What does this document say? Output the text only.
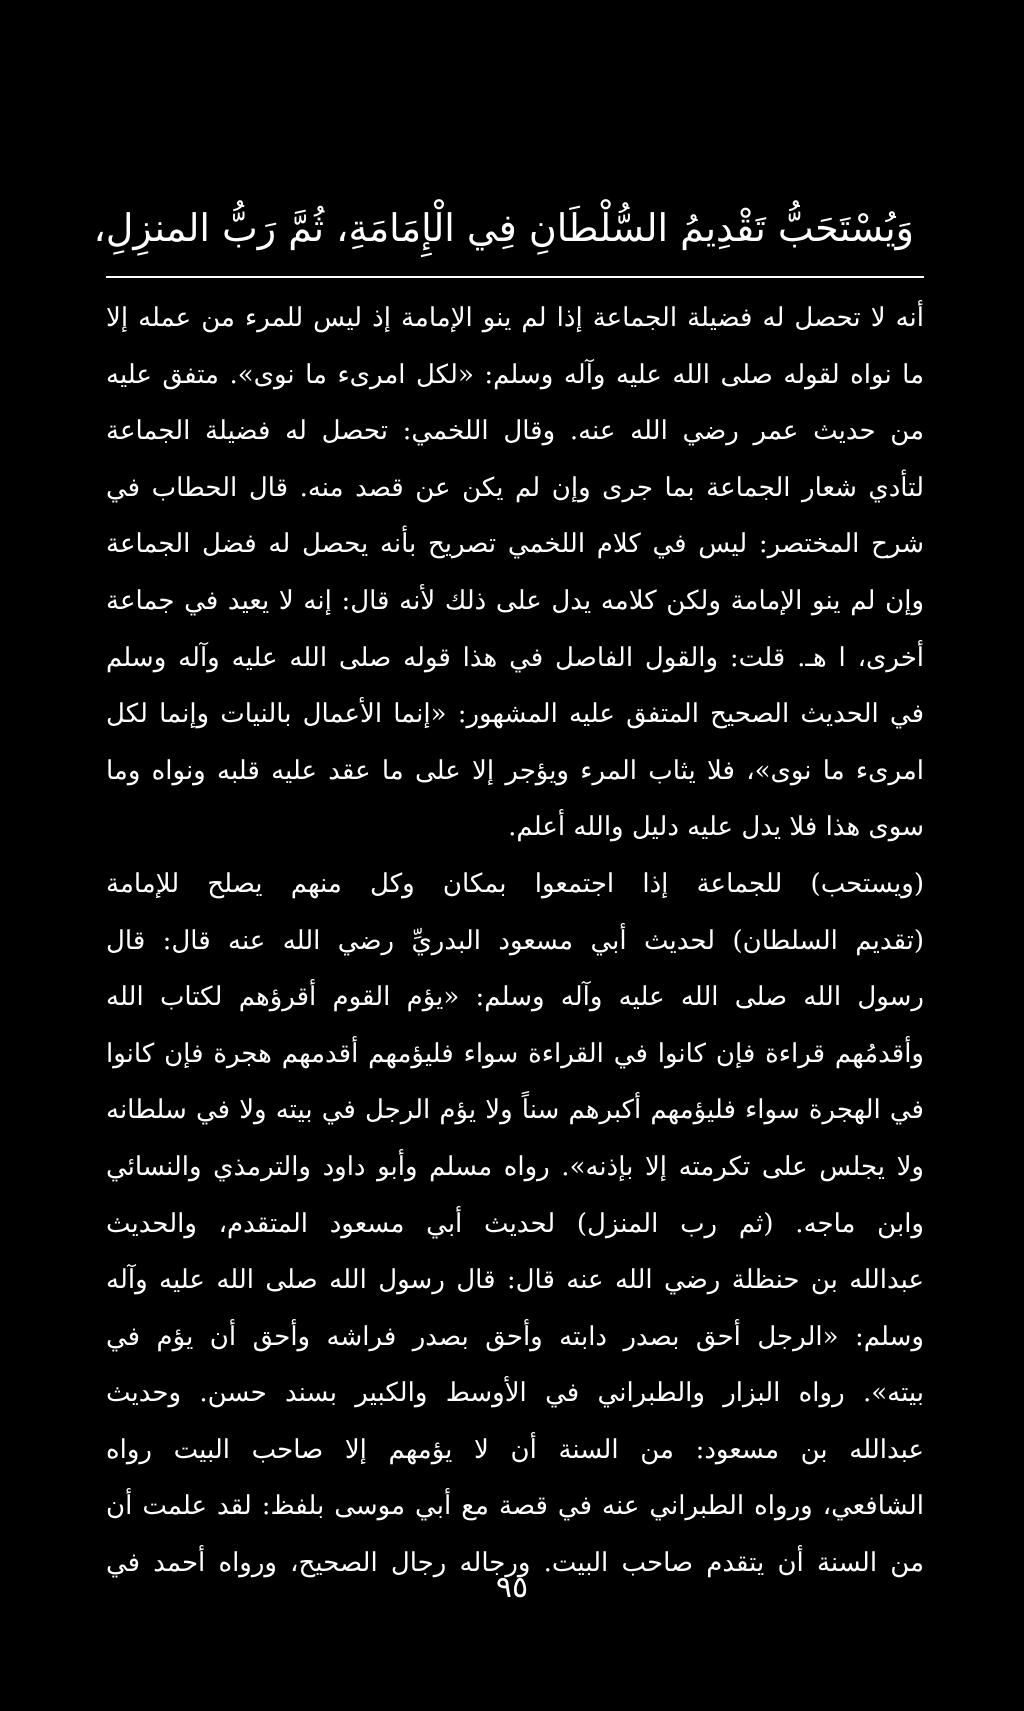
وَيُسْتَحَبُّ تَقْدِيمُ السُّلْطَانِ فِي الْإِمَامَةِ، ثُمَّ رَبُّ المنزِلِ،
أنه لا تحصل له فضيلة الجماعة إذا لم ينو الإمامة إذ ليس للمرء من عمله إلا
ما نواه لقوله صلى الله عليه وآله وسلم: «لكل امرىء ما نوى». متفق عليه
من حديث عمر رضي الله عنه. وقال اللخمي: تحصل له فضيلة الجماعة
لتأدي شعار الجماعة بما جرى وإن لم يكن عن قصد منه. قال الحطاب في
شرح المختصر: ليس في كلام اللخمي تصريح بأنه يحصل له فضل الجماعة
وإن لم ينو الإمامة ولكن كلامه يدل على ذلك لأنه قال: إنه لا يعيد في جماعة
أخرى، ا هـ. قلت: والقول الفاصل في هذا قوله صلى الله عليه وآله وسلم
في الحديث الصحيح المتفق عليه المشهور: «إنما الأعمال بالنيات وإنما لكل
امرىء ما نوى»، فلا يثاب المرء ويؤجر إلا على ما عقد عليه قلبه ونواه وما
سوى هذا فلا يدل عليه دليل والله أعلم.
(ويستحب) للجماعة إذا اجتمعوا بمكان وكل منهم يصلح للإمامة
(تقديم السلطان) لحديث أبي مسعود البدريِّ رضي الله عنه قال: قال
رسول الله صلى الله عليه وآله وسلم: «يؤم القوم أقرؤهم لكتاب الله
وأقدمُهم قراءة فإن كانوا في القراءة سواء فليؤمهم أقدمهم هجرة فإن كانوا
في الهجرة سواء فليؤمهم أكبرهم سناً ولا يؤم الرجل في بيته ولا في سلطانه
ولا يجلس على تكرمته إلا بإذنه». رواه مسلم وأبو داود والترمذي والنسائي
وابن ماجه. (ثم رب المنزل) لحديث أبي مسعود المتقدم، والحديث
عبدالله بن حنظلة رضي الله عنه قال: قال رسول الله صلى الله عليه وآله
وسلم: «الرجل أحق بصدر دابته وأحق بصدر فراشه وأحق أن يؤم في
بيته». رواه البزار والطبراني في الأوسط والكبير بسند حسن. وحديث
عبدالله بن مسعود: من السنة أن لا يؤمهم إلا صاحب البيت رواه
الشافعي، ورواه الطبراني عنه في قصة مع أبي موسى بلفظ: لقد علمت أن
من السنة أن يتقدم صاحب البيت. ورجاله رجال الصحيح، ورواه أحمد في
٩٥
